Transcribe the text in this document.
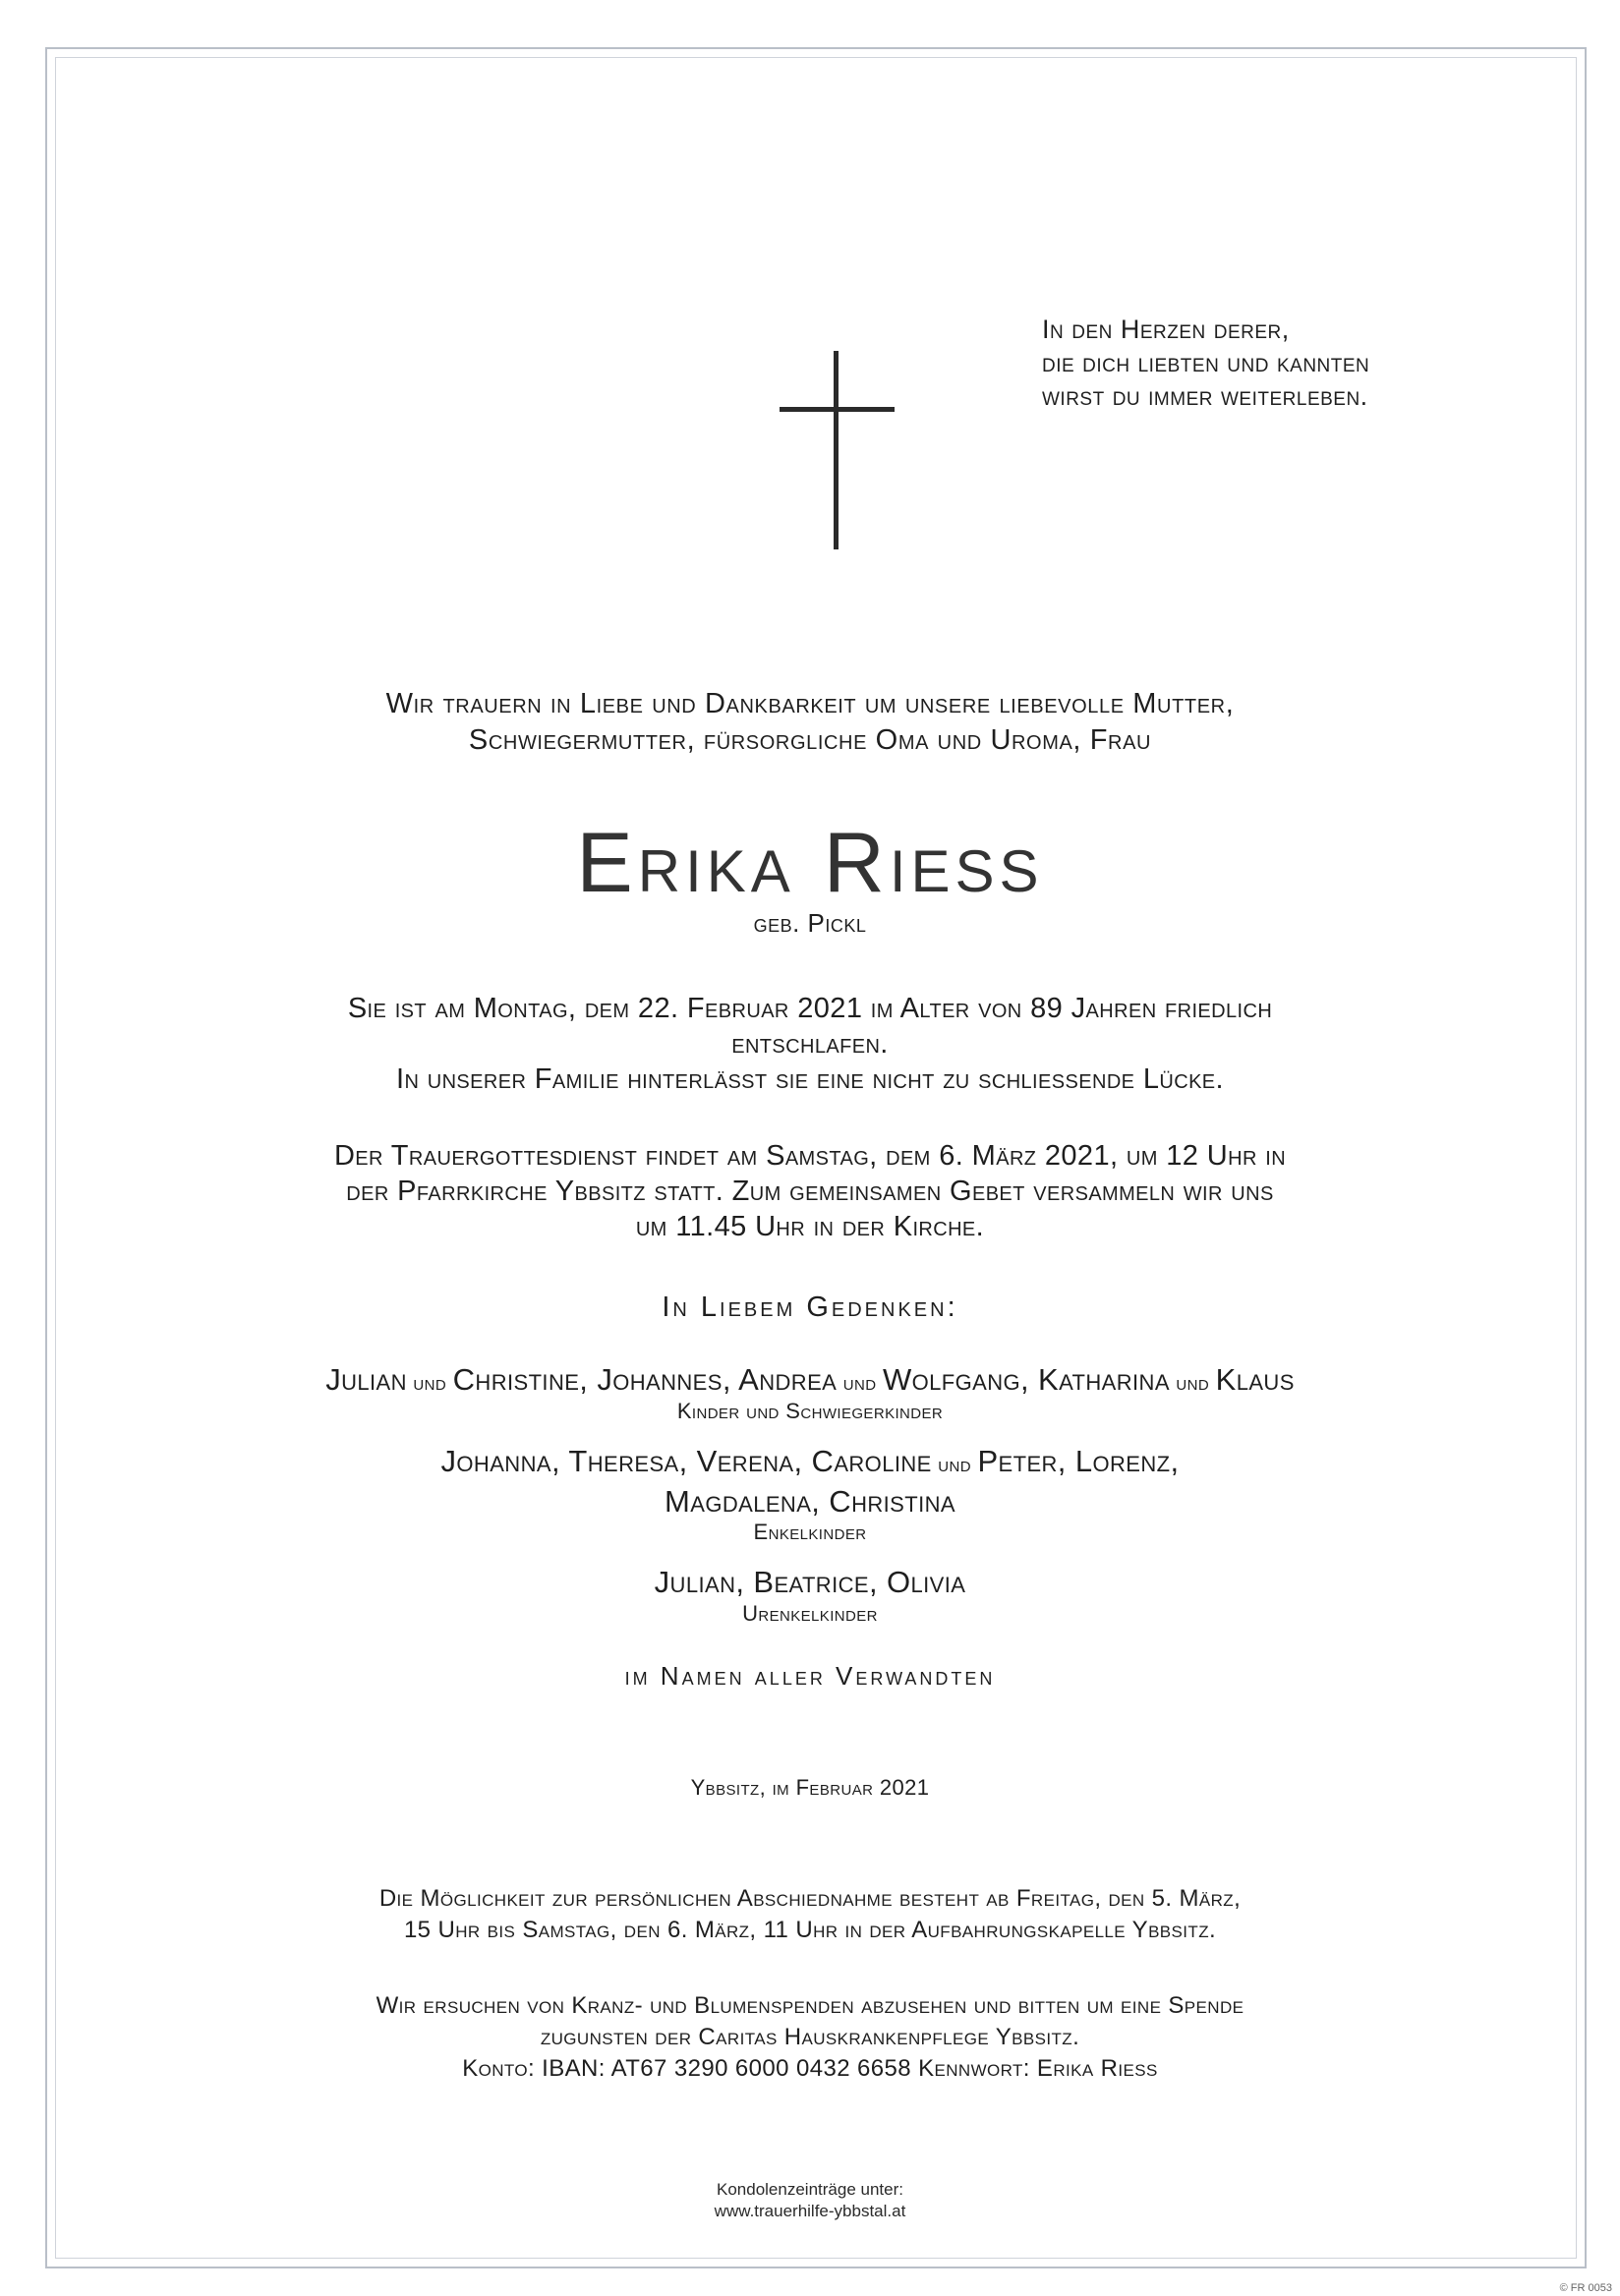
In den Herzen derer,
die dich liebten und kannten
wirst du immer weiterleben.
Wir trauern in Liebe und Dankbarkeit um unsere liebevolle Mutter,
Schwiegermutter, fürsorgliche Oma und Uroma, Frau
Erika Riess
geb. Pickl
Sie ist am Montag, dem 22. Februar 2021 im Alter von 89 Jahren friedlich
entschlafen.
In unserer Familie hinterlässt sie eine nicht zu schliessende Lücke.
Der Trauergottesdienst findet am Samstag, dem 6. März 2021, um 12 Uhr in
der Pfarrkirche Ybbsitz statt. Zum gemeinsamen Gebet versammeln wir uns
um 11.45 Uhr in der Kirche.
In Liebem Gedenken:
Julian und Christine, Johannes, Andrea und Wolfgang, Katharina und Klaus
Kinder und Schwiegerkinder
Johanna, Theresa, Verena, Caroline und Peter, Lorenz,
Magdalena, Christina
Enkelkinder
Julian, Beatrice, Olivia
Urenkelkinder
im Namen aller Verwandten
Ybbsitz, im Februar 2021
Die Möglichkeit zur persönlichen Abschiednahme besteht ab Freitag, den 5. März,
15 Uhr bis Samstag, den 6. März, 11 Uhr in der Aufbahrungskapelle Ybbsitz.
Wir ersuchen von Kranz- und Blumenspenden abzusehen und bitten um eine Spende
zugunsten der Caritas Hauskrankenpflege Ybbsitz.
Konto: IBAN: AT67 3290 6000 0432 6658 Kennwort: Erika Riess
Kondolenzeinträge unter:
www.trauerhilfe-ybbstal.at
© FR 0053
